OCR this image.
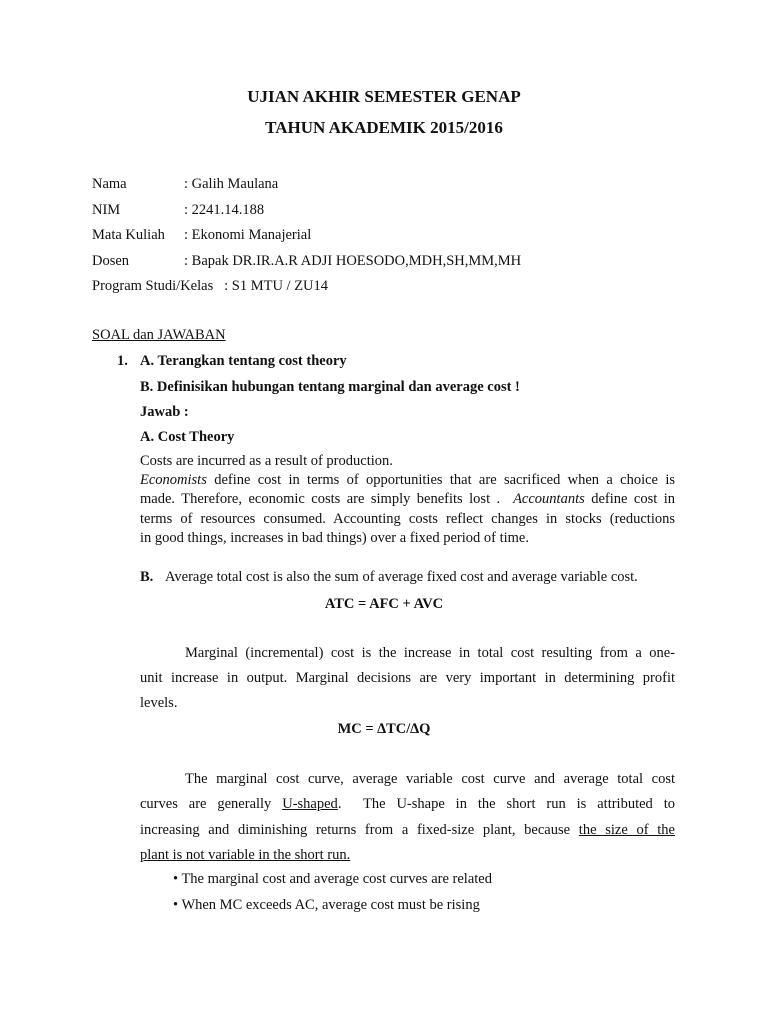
UJIAN AKHIR SEMESTER GENAP
TAHUN AKADEMIK 2015/2016
Nama	: Galih Maulana
NIM	: 2241.14.188
Mata Kuliah : Ekonomi Manajerial
Dosen	: Bapak DR.IR.A.R ADJI HOESODO,MDH,SH,MM,MH
Program Studi/Kelas   : S1 MTU / ZU14
SOAL dan JAWABAN
1. A. Terangkan tentang cost theory
B. Definisikan hubungan tentang marginal dan average cost !
Jawab :
A. Cost Theory
Costs are incurred as a result of production.
Economists define cost in terms of opportunities that are sacrificed when a choice is
made. Therefore, economic costs are simply benefits lost .  Accountants define cost in
terms of resources consumed. Accounting costs reflect changes in stocks (reductions
in good things, increases in bad things) over a fixed period of time.
B. Average total cost is also the sum of average fixed cost and average variable cost.
ATC = AFC + AVC
Marginal (incremental) cost is the increase in total cost resulting from a one-
unit increase in output. Marginal decisions are very important in determining profit
levels.
MC = ∆TC/∆Q
The marginal cost curve, average variable cost curve and average total cost
curves are generally U-shaped.  The U-shape in the short run is attributed to
increasing and diminishing returns from a fixed-size plant, because the size of the
plant is not variable in the short run.
• The marginal cost and average cost curves are related
• When MC exceeds AC, average cost must be rising
